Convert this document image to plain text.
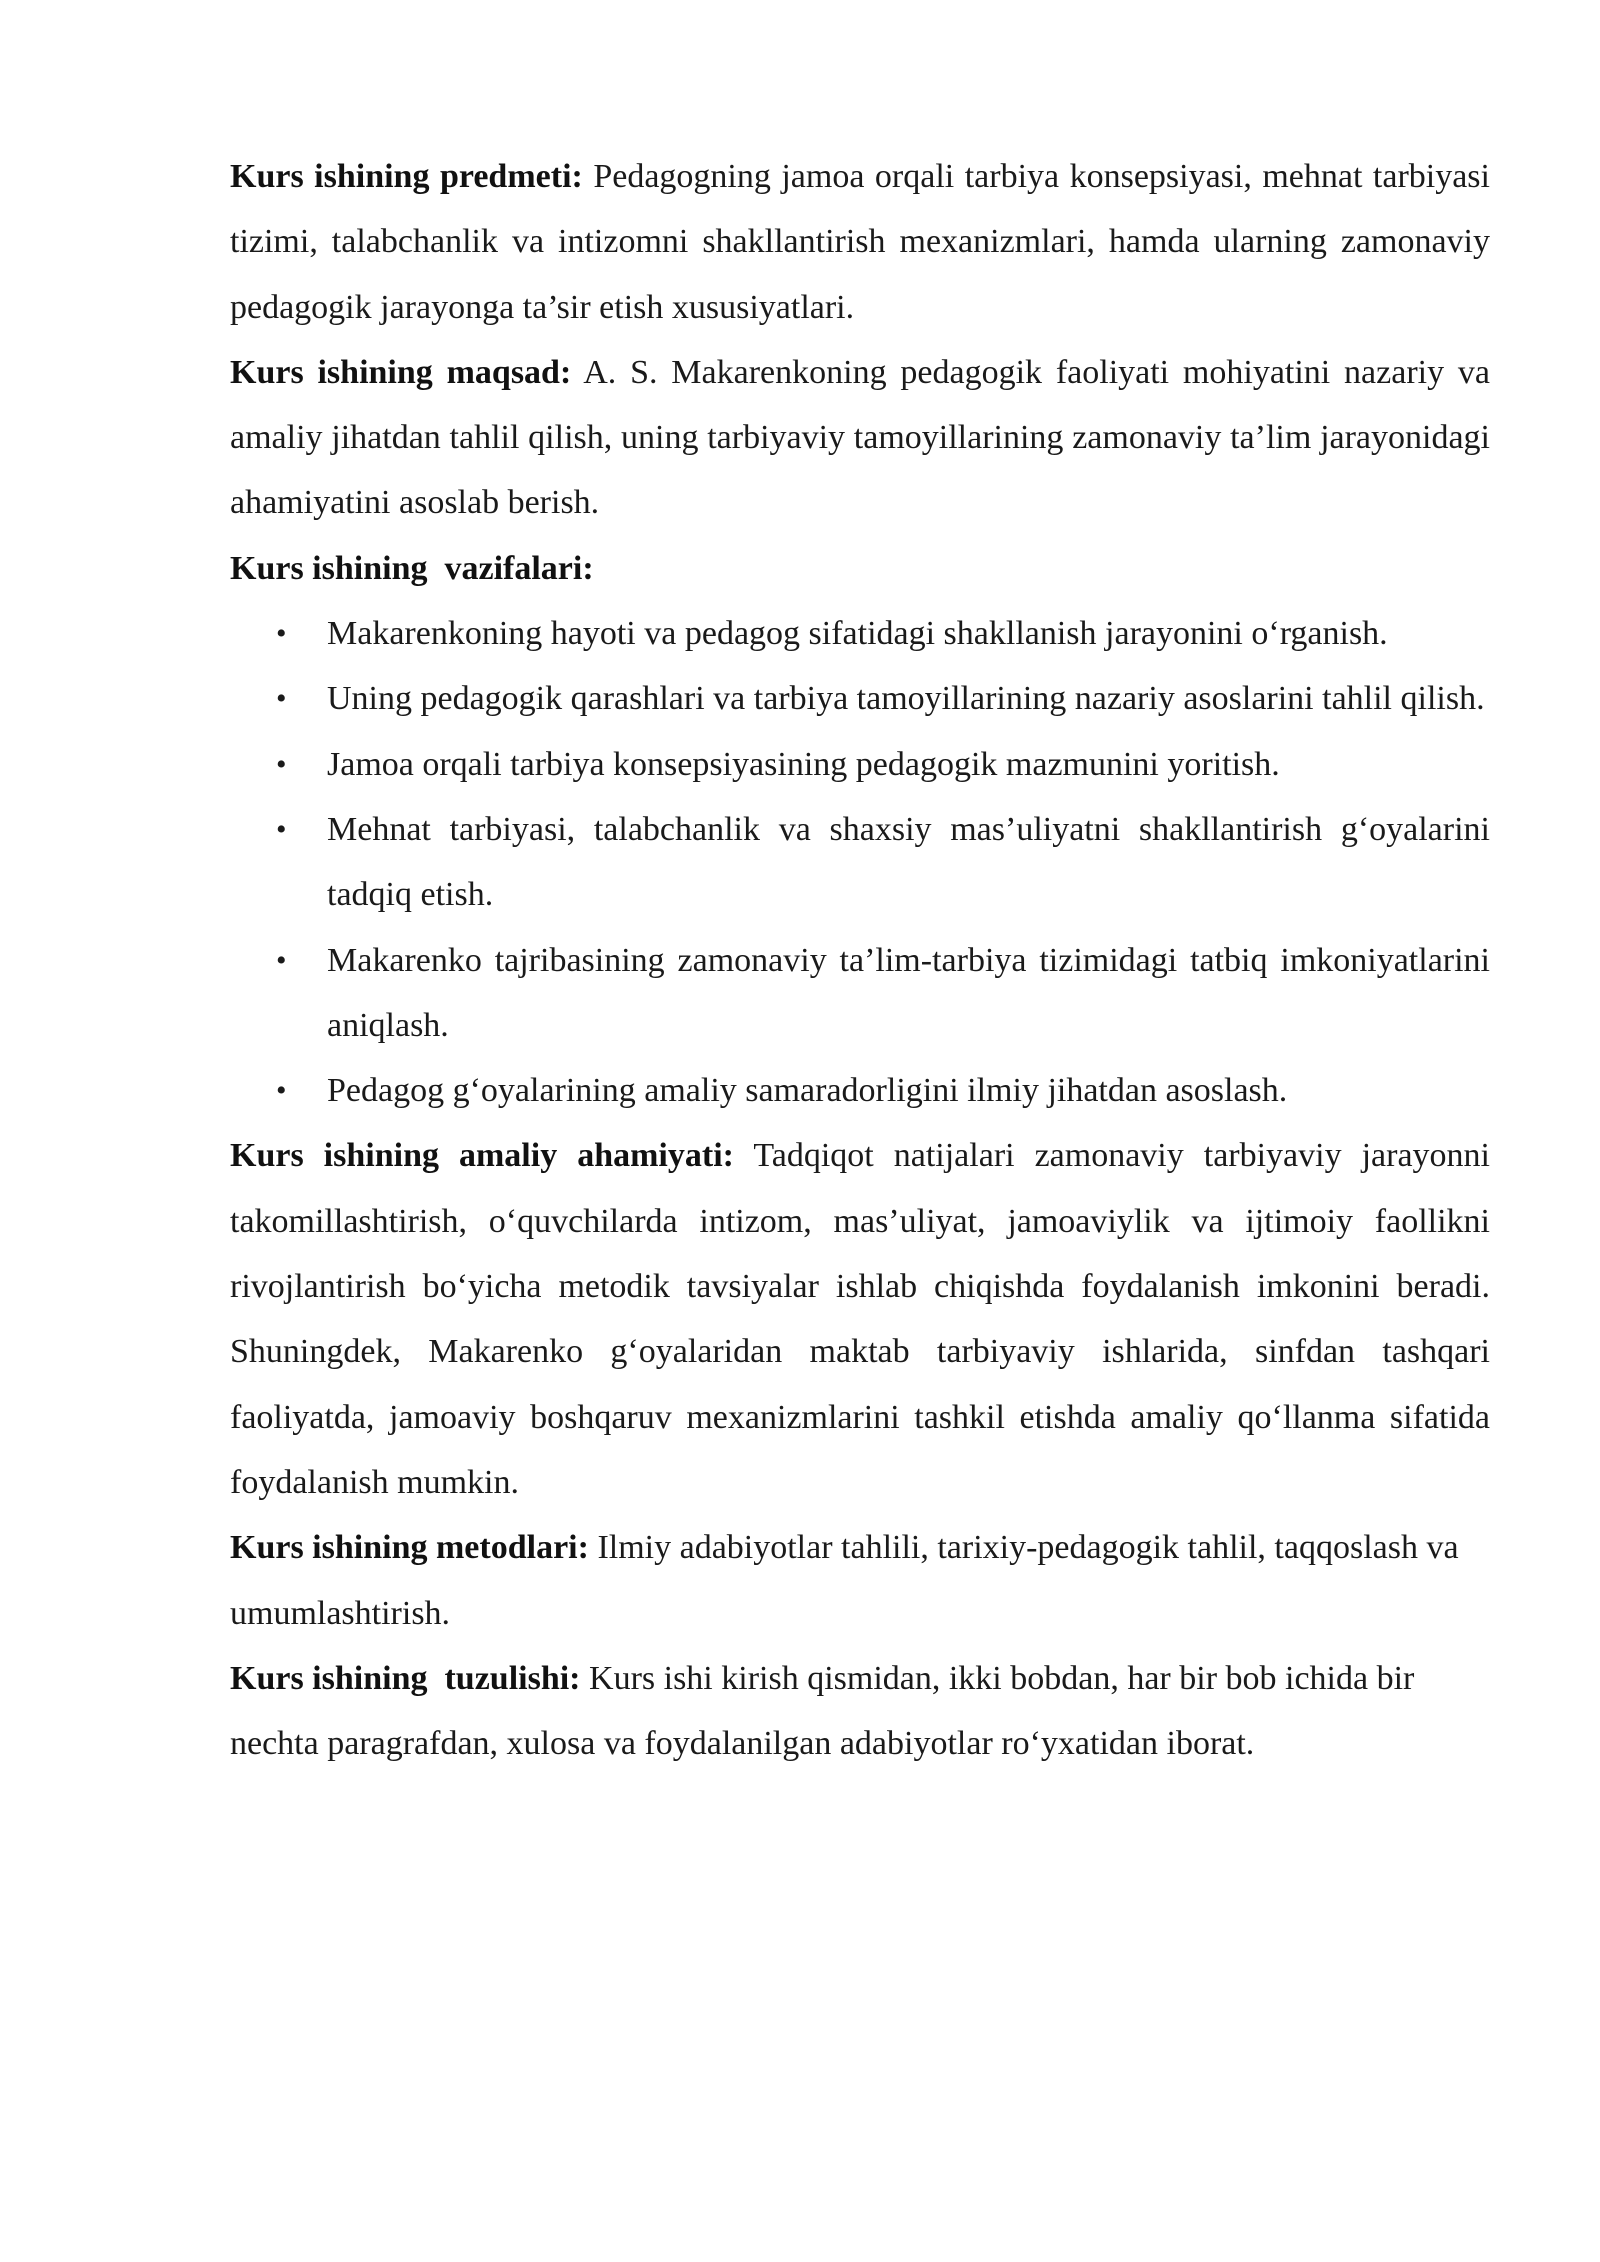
Kurs ishining predmeti: Pedagogning jamoa orqali tarbiya konsepsiyasi, mehnat tarbiyasi tizimi, talabchanlik va intizomni shakllantirish mexanizmlari, hamda ularning zamonaviy pedagogik jarayonga ta’sir etish xususiyatlari.

Kurs ishining maqsad: A. S. Makarenkoning pedagogik faoliyati mohiyatini nazariy va amaliy jihatdan tahlil qilish, uning tarbiyaviy tamoyillarining zamonaviy ta’lim jarayonidagi ahamiyatini asoslab berish.

Kurs ishining  vazifalari:

• Makarenkoning hayoti va pedagog sifatidagi shakllanish jarayonini o‘rganish.
• Uning pedagogik qarashlari va tarbiya tamoyillarining nazariy asoslarini tahlil qilish.
• Jamoa orqali tarbiya konsepsiyasining pedagogik mazmunini yoritish.
• Mehnat tarbiyasi, talabchanlik va shaxsiy mas’uliyatni shakllantirish g‘oyalarini tadqiq etish.
• Makarenko tajribasining zamonaviy ta’lim-tarbiya tizimidagi tatbiq imkoniyatlarini aniqlash.
• Pedagog g‘oyalarining amaliy samaradorligini ilmiy jihatdan asoslash.

Kurs ishining amaliy ahamiyati: Tadqiqot natijalari zamonaviy tarbiyaviy jarayonni takomillashtirish, o‘quvchilarda intizom, mas’uliyat, jamoaviylik va ijtimoiy faollikni rivojlantirish bo‘yicha metodik tavsiyalar ishlab chiqishda foydalanish imkonini beradi. Shuningdek, Makarenko g‘oyalaridan maktab tarbiyaviy ishlarida, sinfdan tashqari faoliyatda, jamoaviy boshqaruv mexanizmlarini tashkil etishda amaliy qo‘llanma sifatida foydalanish mumkin.

Kurs ishining metodlari: Ilmiy adabiyotlar tahlili, tarixiy-pedagogik tahlil, taqqoslash va umumlashtirish.

Kurs ishining  tuzulishi: Kurs ishi kirish qismidan, ikki bobdan, har bir bob ichida bir nechta paragrafdan, xulosa va foydalanilgan adabiyotlar ro‘yxatidan iborat.
